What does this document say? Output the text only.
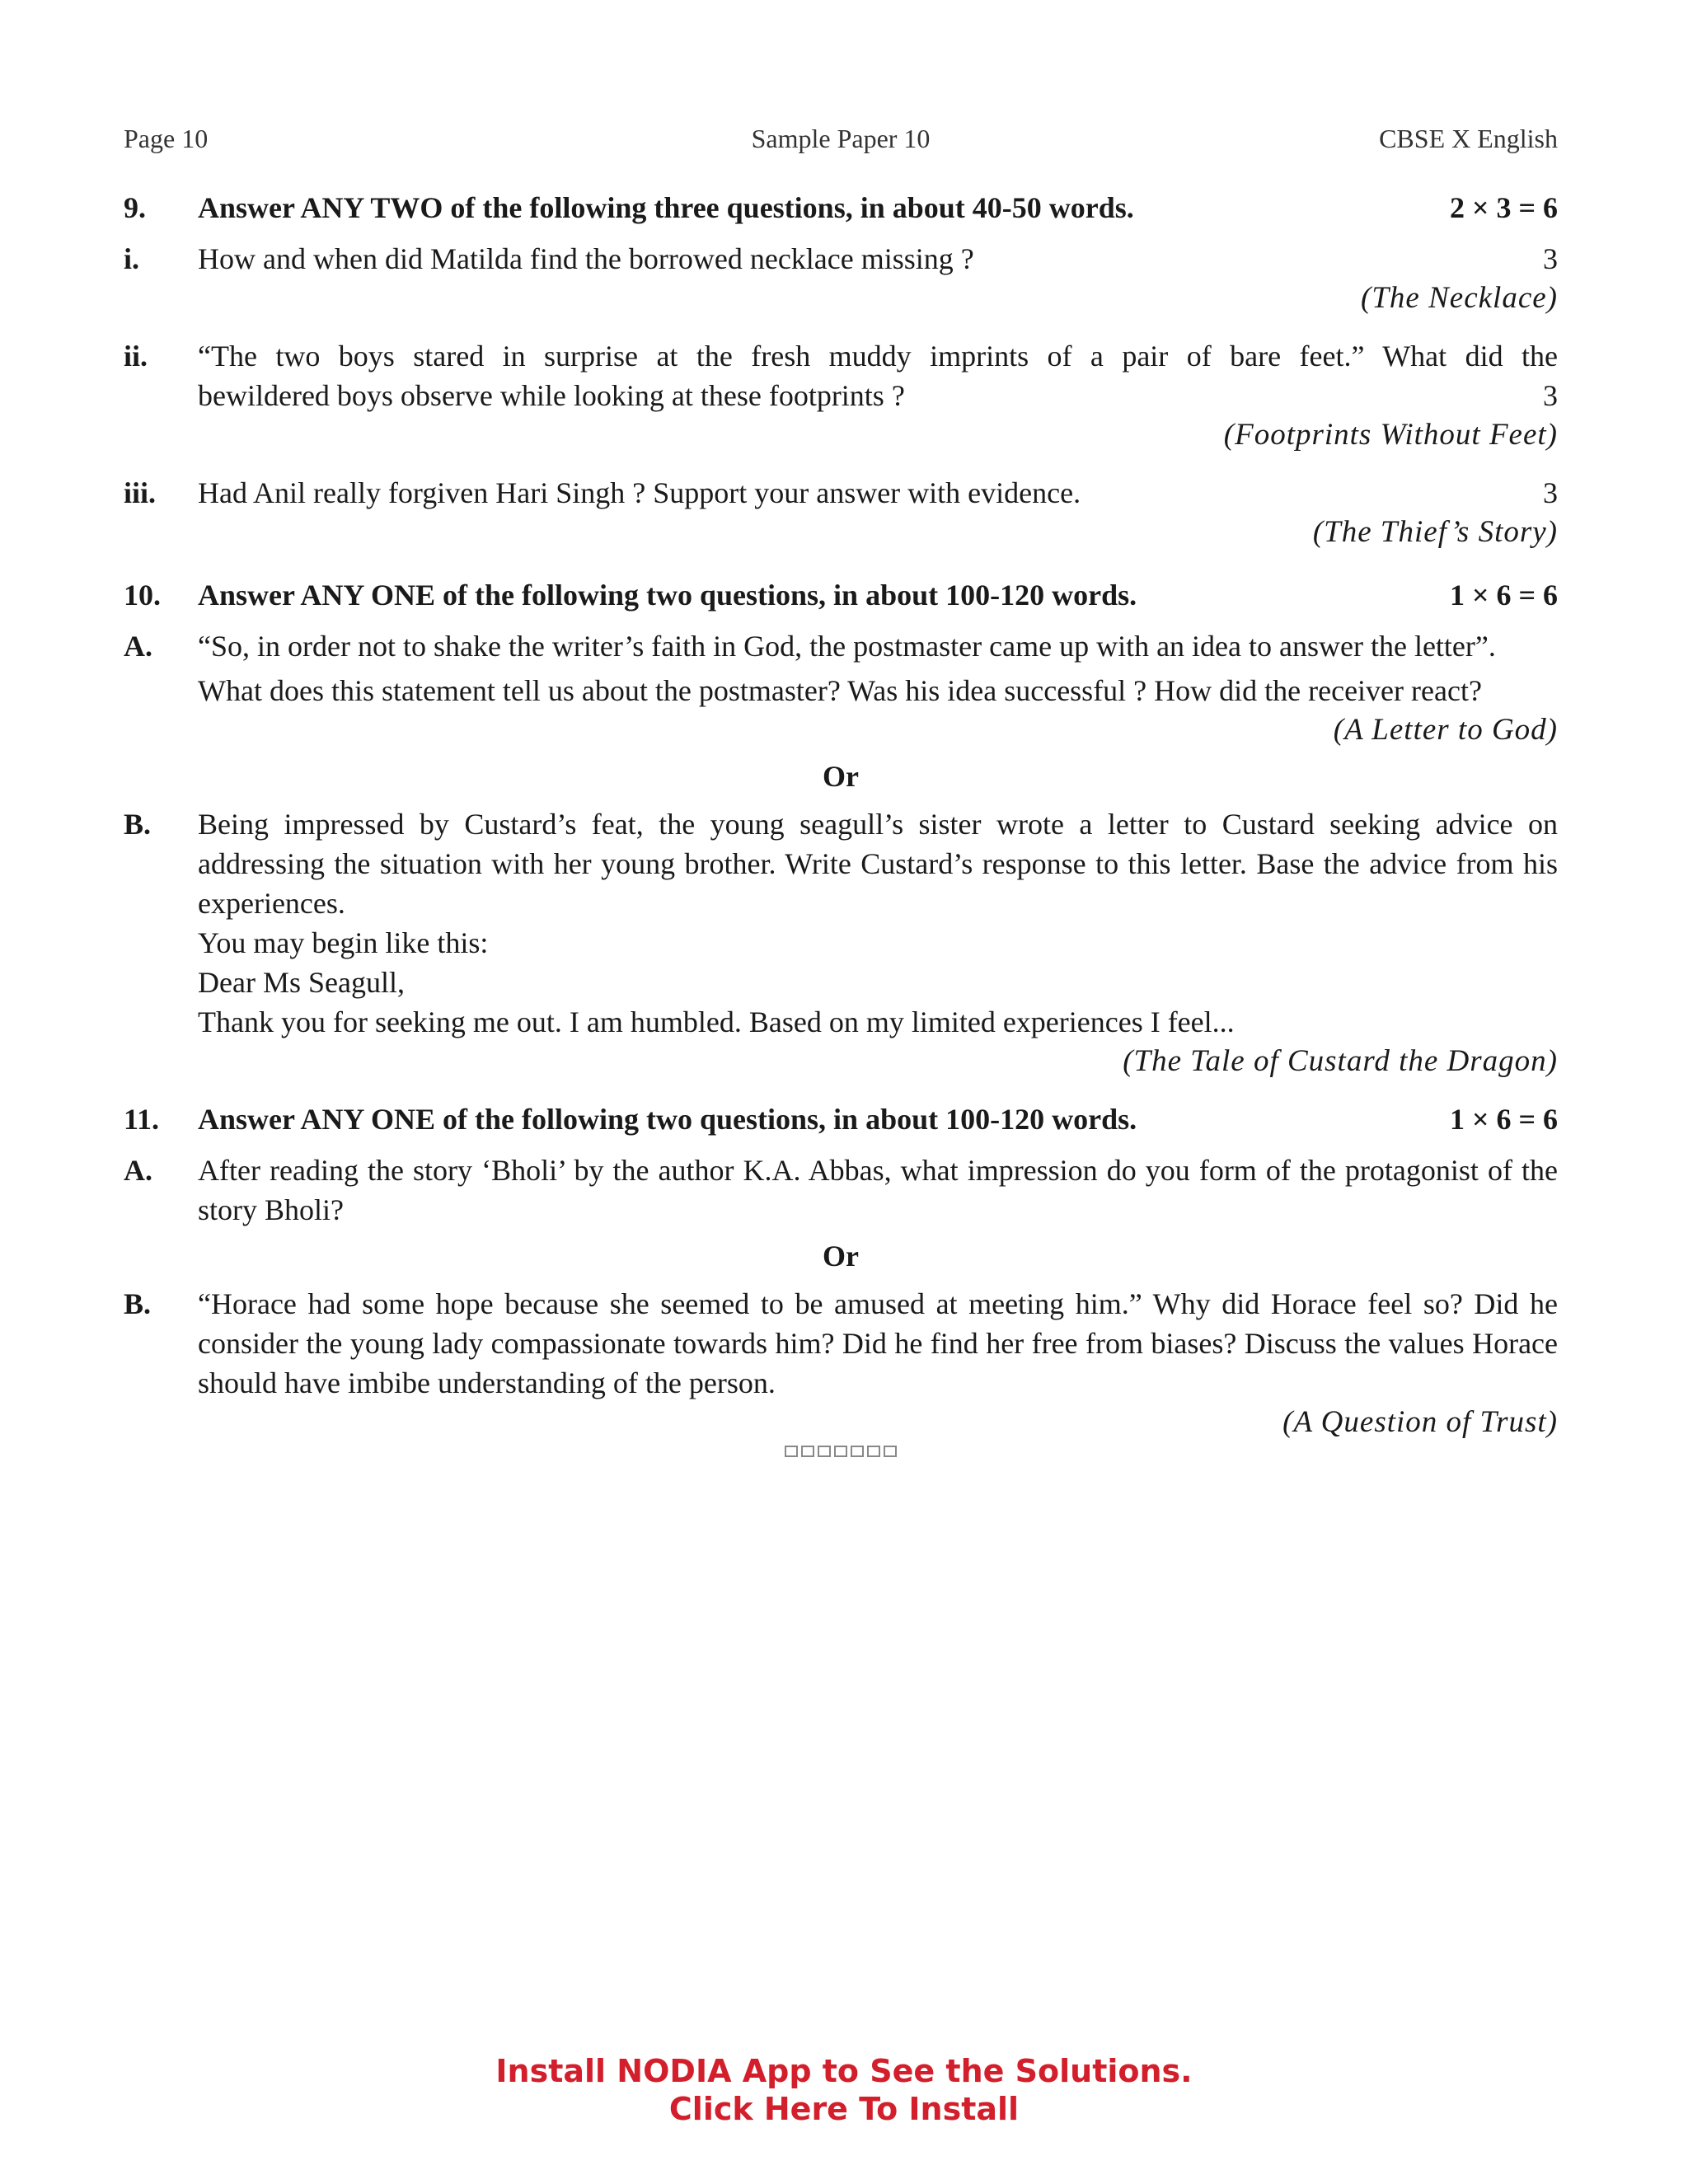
Page 10	Sample Paper 10	CBSE X English
9.	Answer ANY TWO of the following three questions, in about 40-50 words.	2 × 3 = 6
i.	How and when did Matilda find the borrowed necklace missing ?	3
(The Necklace)
ii.	“The two boys stared in surprise at the fresh muddy imprints of a pair of bare feet.” What did the
bewildered boys observe while looking at these footprints ?	3
(Footprints Without Feet)
iii.	Had Anil really forgiven Hari Singh ? Support your answer with evidence.	3
(The Thief’s Story)
10.	Answer ANY ONE of the following two questions, in about 100-120 words.	1 × 6 = 6
A.	“So, in order not to shake the writer’s faith in God, the postmaster came up with an idea to answer the letter”.
What does this statement tell us about the postmaster? Was his idea successful ? How did the receiver react?
(A Letter to God)
Or
B.	Being impressed by Custard’s feat, the young seagull’s sister wrote a letter to Custard seeking advice on addressing the situation with her young brother. Write Custard’s response to this letter. Base the advice from his experiences.
You may begin like this:
Dear Ms Seagull,
Thank you for seeking me out. I am humbled. Based on my limited experiences I feel...
(The Tale of Custard the Dragon)
11.	Answer ANY ONE of the following two questions, in about 100-120 words.	1 × 6 = 6
A.	After reading the story ‘Bholi’ by the author K.A. Abbas, what impression do you form of the protagonist of the story Bholi?
Or
B.	“Horace had some hope because she seemed to be amused at meeting him.” Why did Horace feel so? Did he consider the young lady compassionate towards him? Did he find her free from biases? Discuss the values Horace should have imbibe understanding of the person.
(A Question of Trust)
Install NODIA App to See the Solutions.
Click Here To Install
